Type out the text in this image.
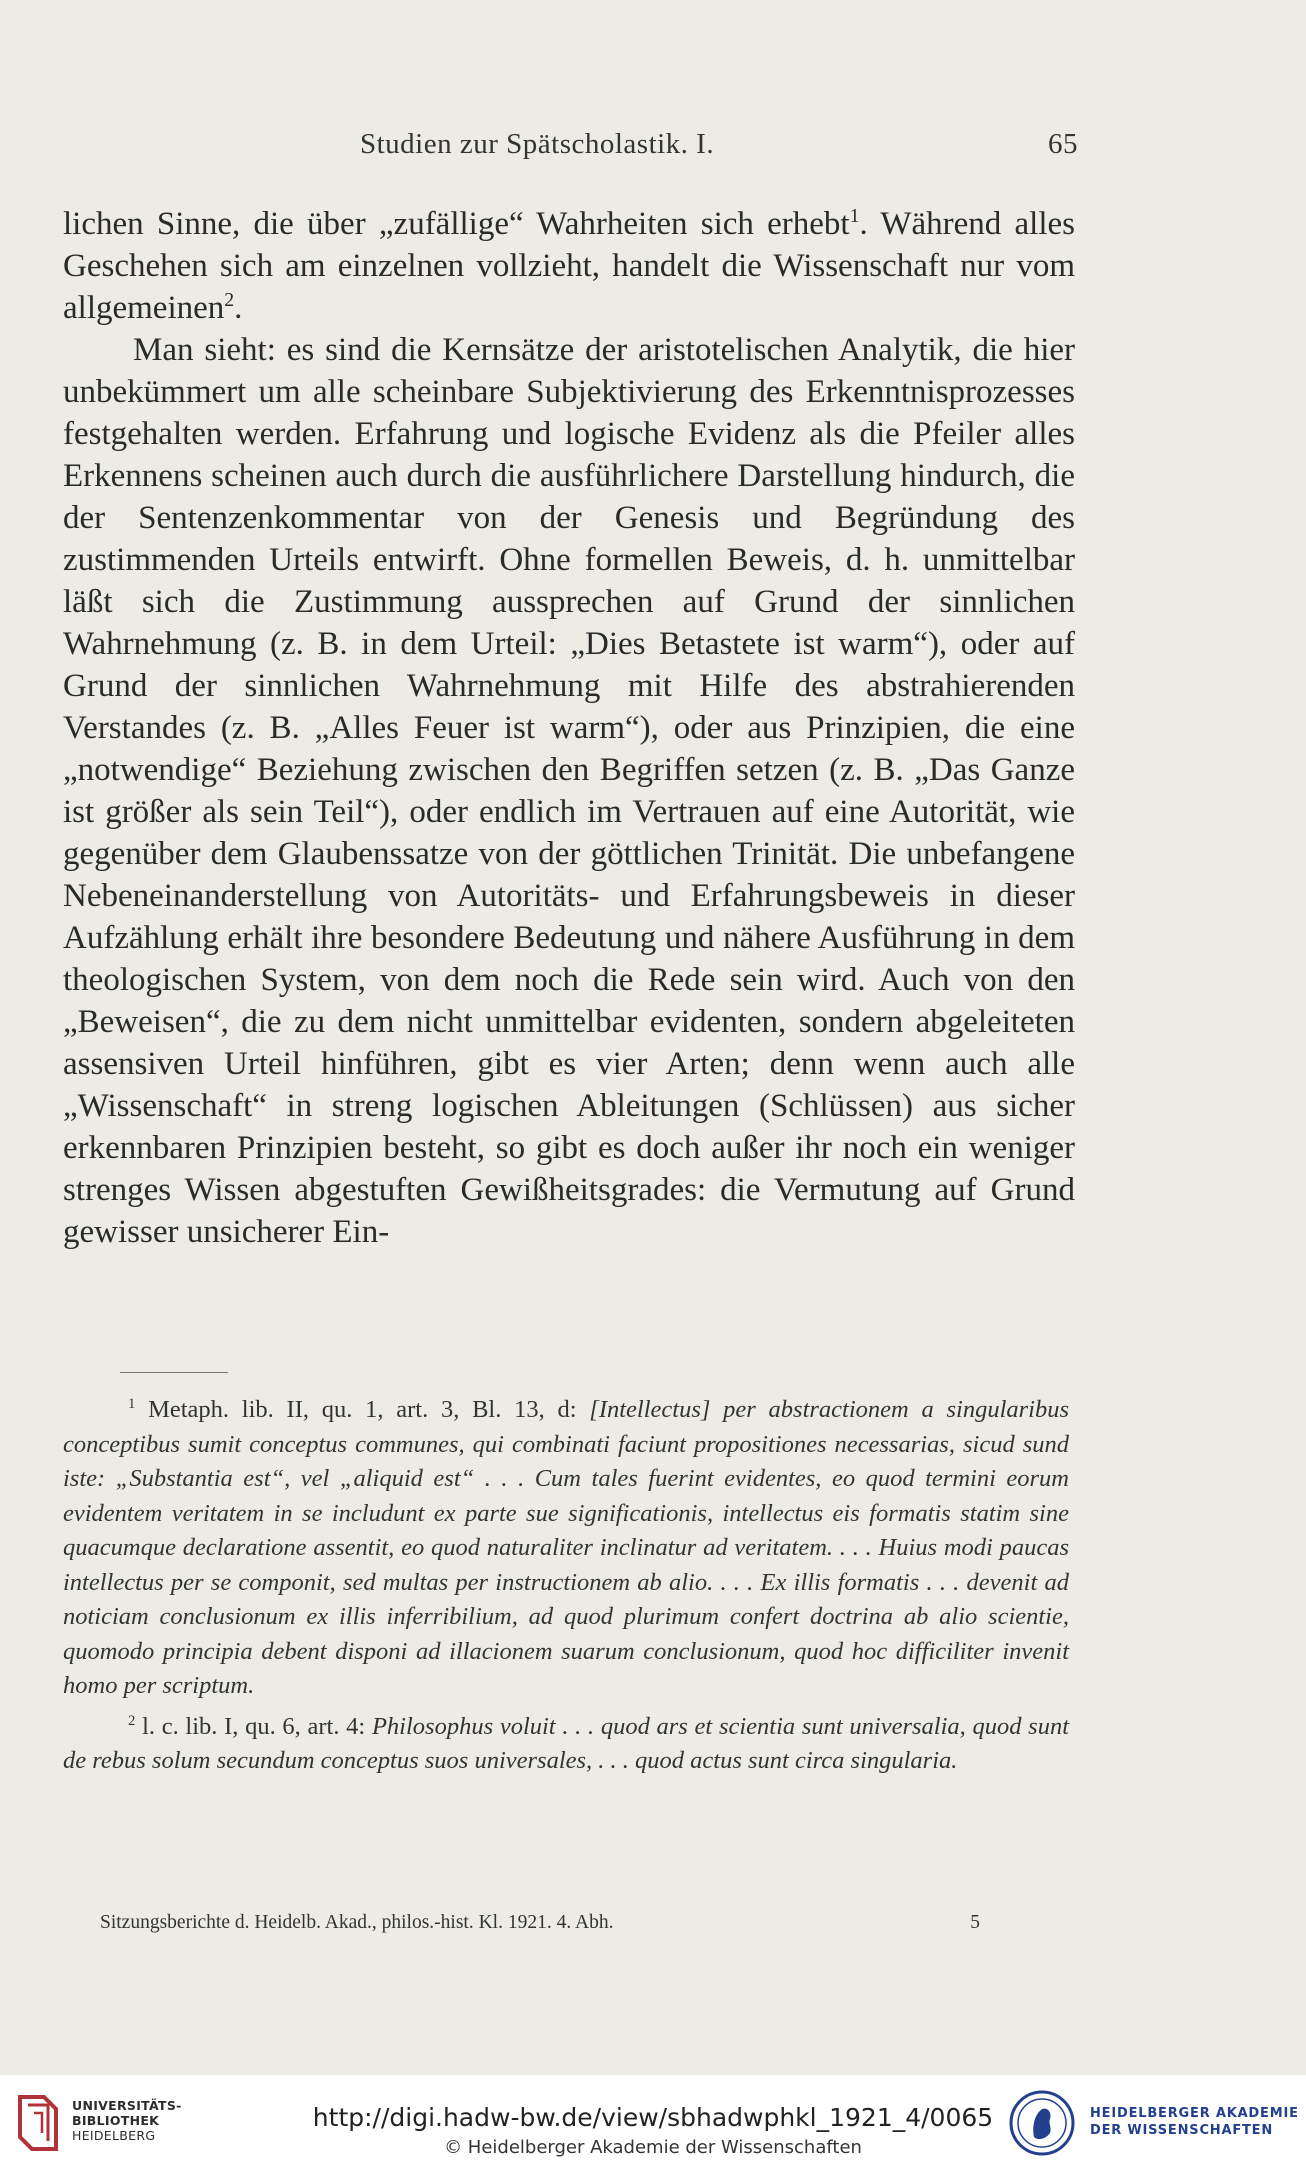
Studien zur Spätscholastik. I.	65

lichen Sinne, die über „zufällige“ Wahrheiten sich erhebt$^1$. Während alles Geschehen sich am einzelnen vollzieht, handelt die Wissenschaft nur vom allgemeinen$^2$.

Man sieht: es sind die Kernsätze der aristotelischen Analytik, die hier unbekümmert um alle scheinbare Subjektivierung des Erkenntnisprozesses festgehalten werden. Erfahrung und logische Evidenz als die Pfeiler alles Erkennens scheinen auch durch die ausführlichere Darstellung hindurch, die der Sentenzenkommentar von der Genesis und Begründung des zustimmenden Urteils entwirft. Ohne formellen Beweis, d. h. unmittelbar läßt sich die Zustimmung aussprechen auf Grund der sinnlichen Wahrnehmung (z. B. in dem Urteil: „Dies Betastete ist warm“), oder auf Grund der sinnlichen Wahrnehmung mit Hilfe des abstrahierenden Verstandes (z. B. „Alles Feuer ist warm“), oder aus Prinzipien, die eine „notwendige“ Beziehung zwischen den Begriffen setzen (z. B. „Das Ganze ist größer als sein Teil“), oder endlich im Vertrauen auf eine Autorität, wie gegenüber dem Glaubenssatze von der göttlichen Trinität. Die unbefangene Nebeneinanderstellung von Autoritäts- und Erfahrungsbeweis in dieser Aufzählung erhält ihre besondere Bedeutung und nähere Ausführung in dem theologischen System, von dem noch die Rede sein wird. Auch von den „Beweisen“, die zu dem nicht unmittelbar evidenten, sondern abgeleiteten assensiven Urteil hinführen, gibt es vier Arten; denn wenn auch alle „Wissenschaft“ in streng logischen Ableitungen (Schlüssen) aus sicher erkennbaren Prinzipien besteht, so gibt es doch außer ihr noch ein weniger strenges Wissen abgestuften Gewißheitsgrades: die Vermutung auf Grund gewisser unsicherer Ein-

$^1$ Metaph. lib. II, qu. 1, art. 3, Bl. 13, d: [Intellectus] per abstractionem a singularibus conceptibus sumit conceptus communes, qui combinati faciunt propositiones necessarias, sicud sund iste: „Substantia est“, vel „aliquid est“ . . . Cum tales fuerint evidentes, eo quod termini eorum evidentem veritatem in se includunt ex parte sue significationis, intellectus eis formatis statim sine quacumque declaratione assentit, eo quod naturaliter inclinatur ad veritatem. . . . Huius modi paucas intellectus per se componit, sed multas per instructionem ab alio. . . . Ex illis formatis . . . devenit ad noticiam conclusionum ex illis inferribilium, ad quod plurimum confert doctrina ab alio scientie, quomodo principia debent disponi ad illacionem suarum conclusionum, quod hoc difficiliter invenit homo per scriptum.

$^2$ l. c. lib. I, qu. 6, art. 4: Philosophus voluit . . . quod ars et scientia sunt universalia, quod sunt de rebus solum secundum conceptus suos universales, . . . quod actus sunt circa singularia.

Sitzungsberichte d. Heidelb. Akad., philos.-hist. Kl. 1921. 4. Abh.	5
UNIVERSITÄTS-
BIBLIOTHEK
HEIDELBERG
http://digi.hadw-bw.de/view/sbhadwphkl_1921_4/0065
© Heidelberger Akademie der Wissenschaften
HEIDELBERGER AKADEMIE
DER WISSENSCHAFTEN
